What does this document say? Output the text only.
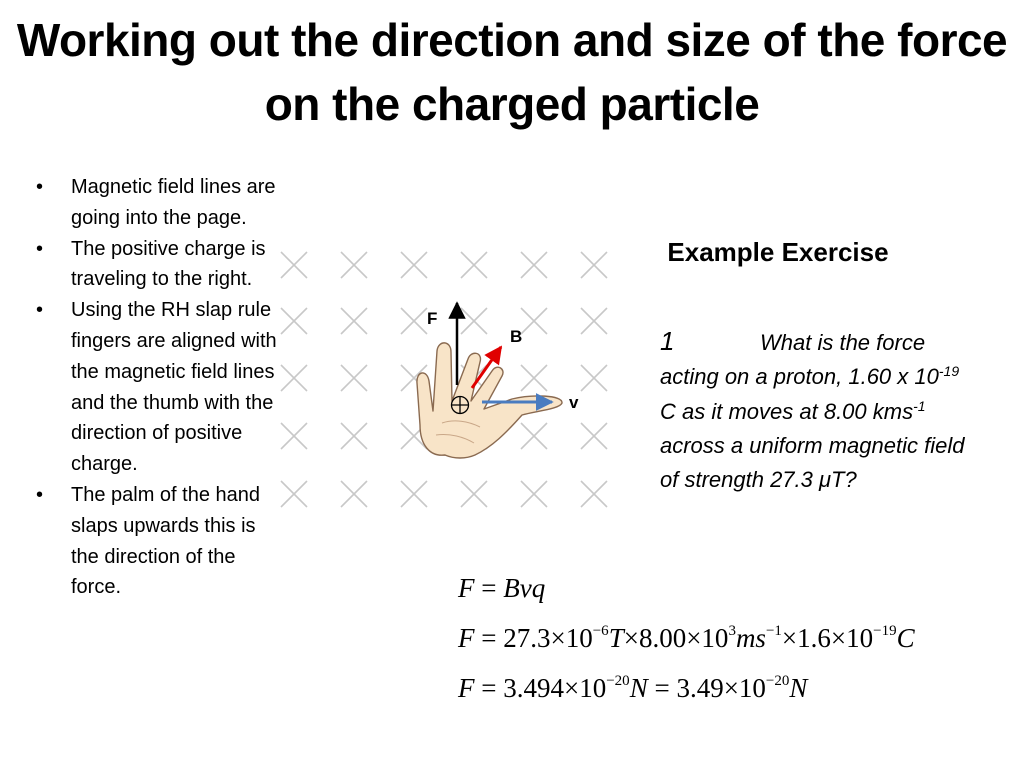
Working out the direction and size of the force on the charged particle
• Magnetic field lines are going into the page.
• The positive charge is traveling to the right.
• Using the RH slap rule fingers are aligned with the magnetic field lines and the thumb with the direction of positive charge.
• The palm of the hand slaps upwards this is the direction of the force.
F
B
v
Example Exercise
1	What is the force acting on a proton, 1.60 x $10^{-19}$ C as it moves at 8.00 kms$^{-1}$ across a uniform magnetic field of strength 27.3 μT?
F = Bvq
$F = 27.3\times 10^{-6}T\times 8.00\times 10^3ms^{-1}\times 1.6\times 10^{-19}C$
$F = 3.494\times 10^{-20}N = 3.49\times 10^{-20}N$
